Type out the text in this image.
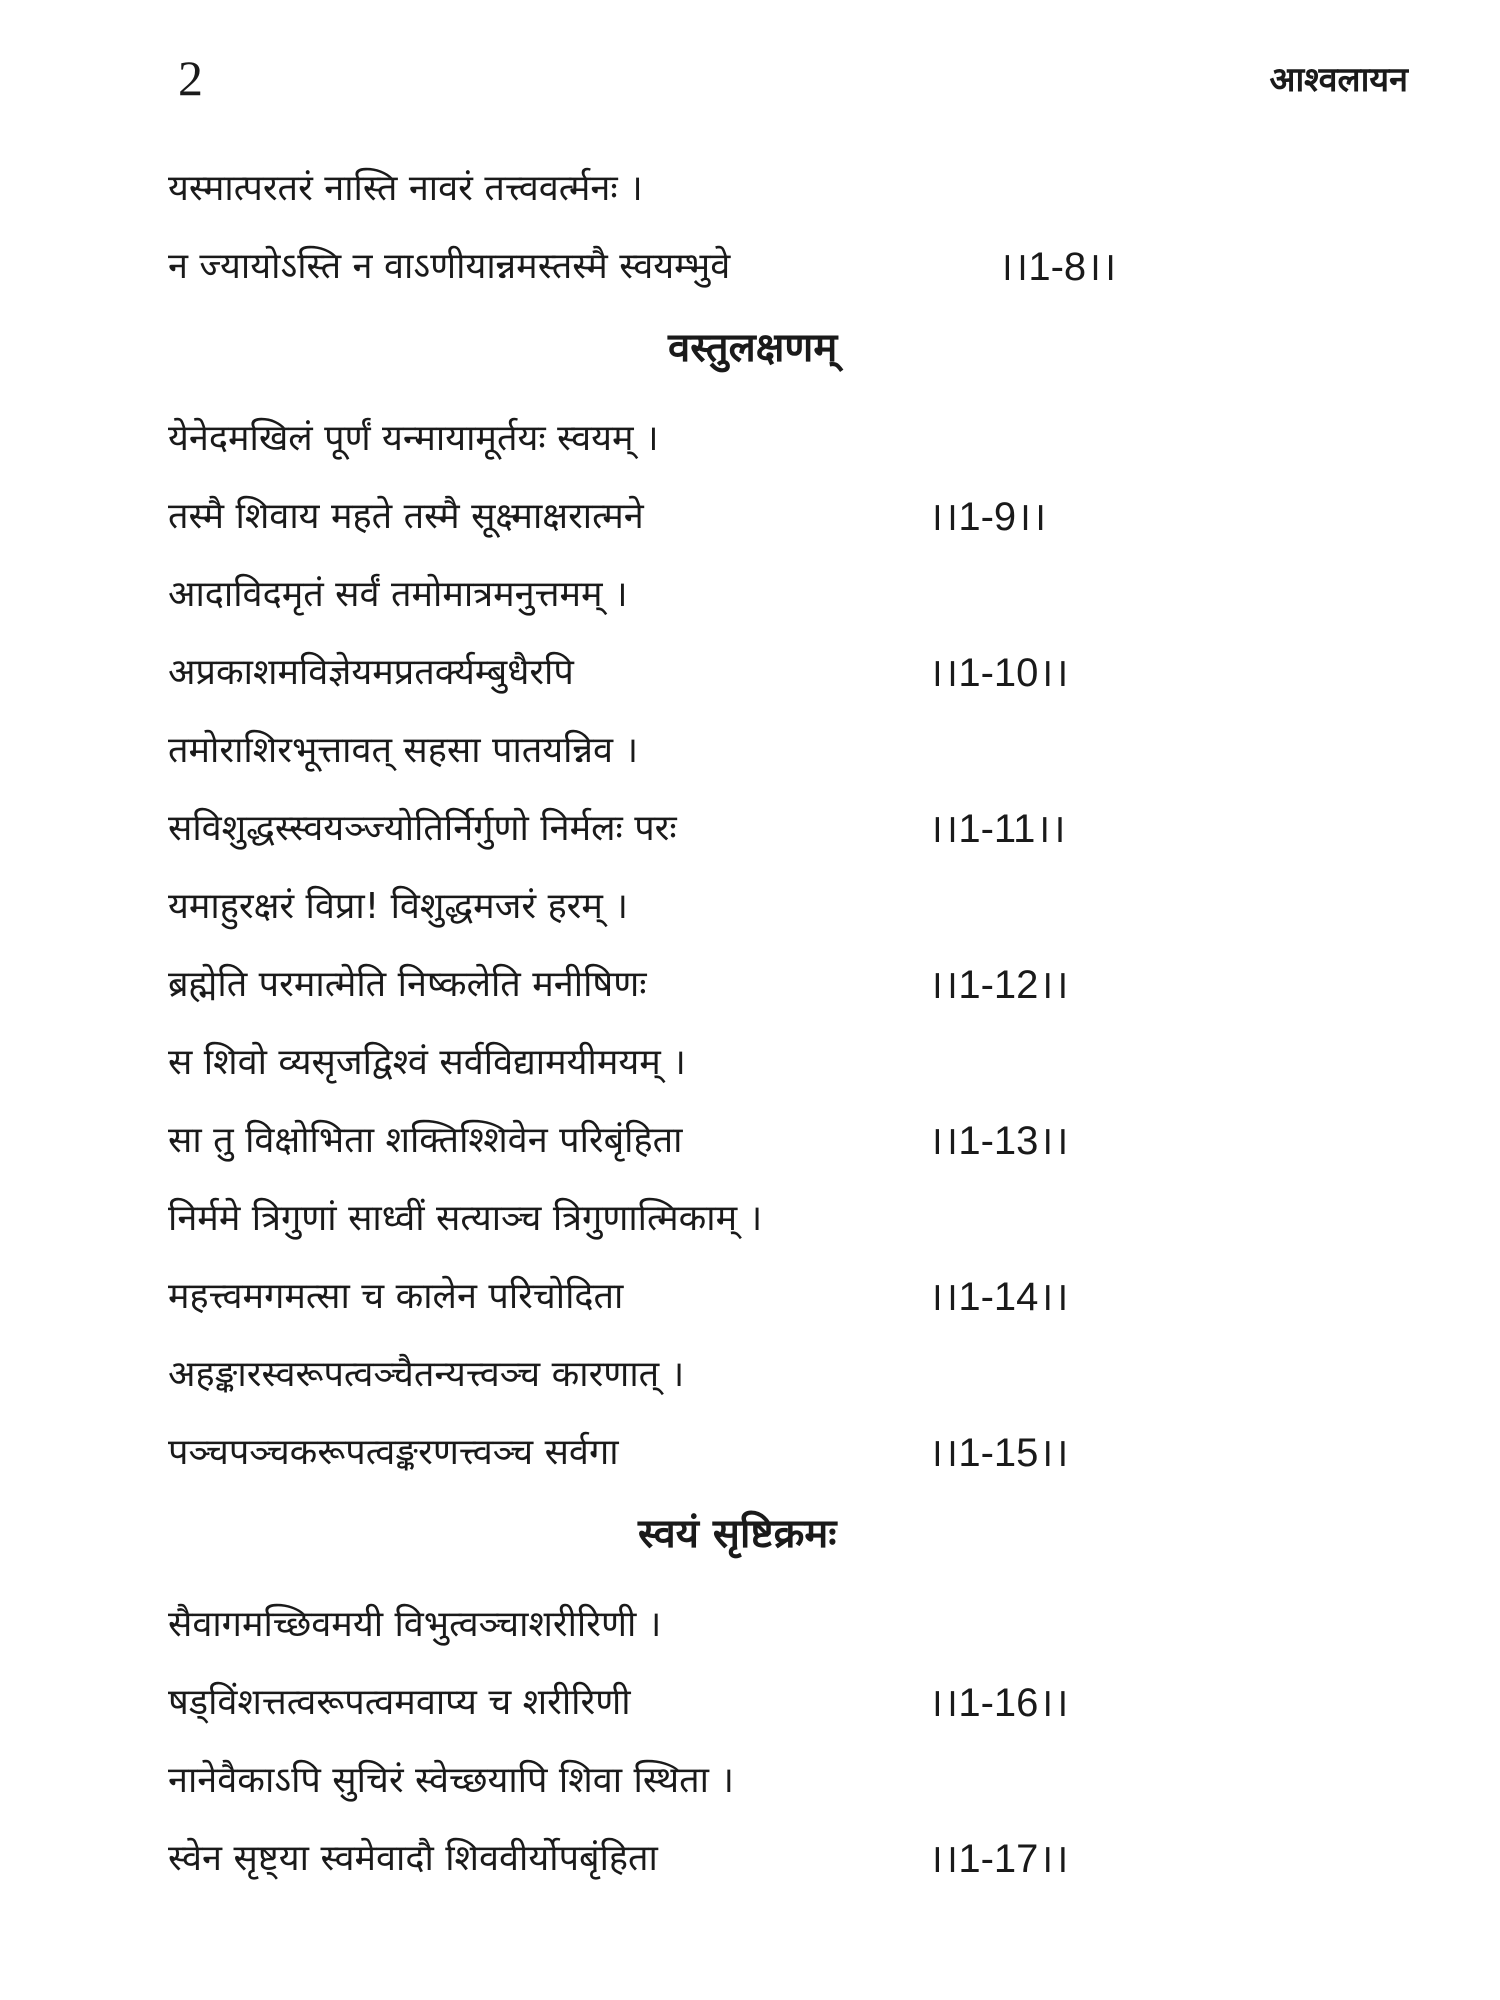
2	आश्वलायन
यस्मात्परतरं नास्ति नावरं तत्त्ववर्त्मनः ।
न ज्यायोऽस्ति न वाऽणीयान्नमस्तस्मै स्वयम्भुवे	।।1-8।।
वस्तुलक्षणम्
येनेदमखिलं पूर्णं यन्मायामूर्तयः स्वयम् ।
तस्मै शिवाय महते तस्मै सूक्ष्माक्षरात्मने	।।1-9।।
आदाविदमृतं सर्वं तमोमात्रमनुत्तमम् ।
अप्रकाशमविज्ञेयमप्रतर्क्यम्बुधैरपि	।।1-10।।
तमोराशिरभूत्तावत् सहसा पातयन्निव ।
सविशुद्धस्स्वयञ्ज्योतिर्निर्गुणो निर्मलः परः	।।1-11।।
यमाहुरक्षरं विप्रा! विशुद्धमजरं हरम् ।
ब्रह्मेति परमात्मेति निष्कलेति मनीषिणः	।।1-12।।
स शिवो व्यसृजद्विश्वं सर्वविद्यामयीमयम् ।
सा तु विक्षोभिता शक्तिश्शिवेन परिबृंहिता	।।1-13।।
निर्ममे त्रिगुणां साध्वीं सत्याञ्च त्रिगुणात्मिकाम् ।
महत्त्वमगमत्सा च कालेन परिचोदिता	।।1-14।।
अहङ्कारस्वरूपत्वञ्चैतन्यत्त्वञ्च कारणात् ।
पञ्चपञ्चकरूपत्वङ्करणत्त्वञ्च सर्वगा	।।1-15।।
स्वयं सृष्टिक्रमः
सैवागमच्छिवमयी विभुत्वञ्चाशरीरिणी ।
षड्विंशत्तत्वरूपत्वमवाप्य च शरीरिणी	।।1-16।।
नानेवैकाऽपि सुचिरं स्वेच्छयापि शिवा स्थिता ।
स्वेन सृष्ट्या स्वमेवादौ शिववीर्योपबृंहिता	।।1-17।।
